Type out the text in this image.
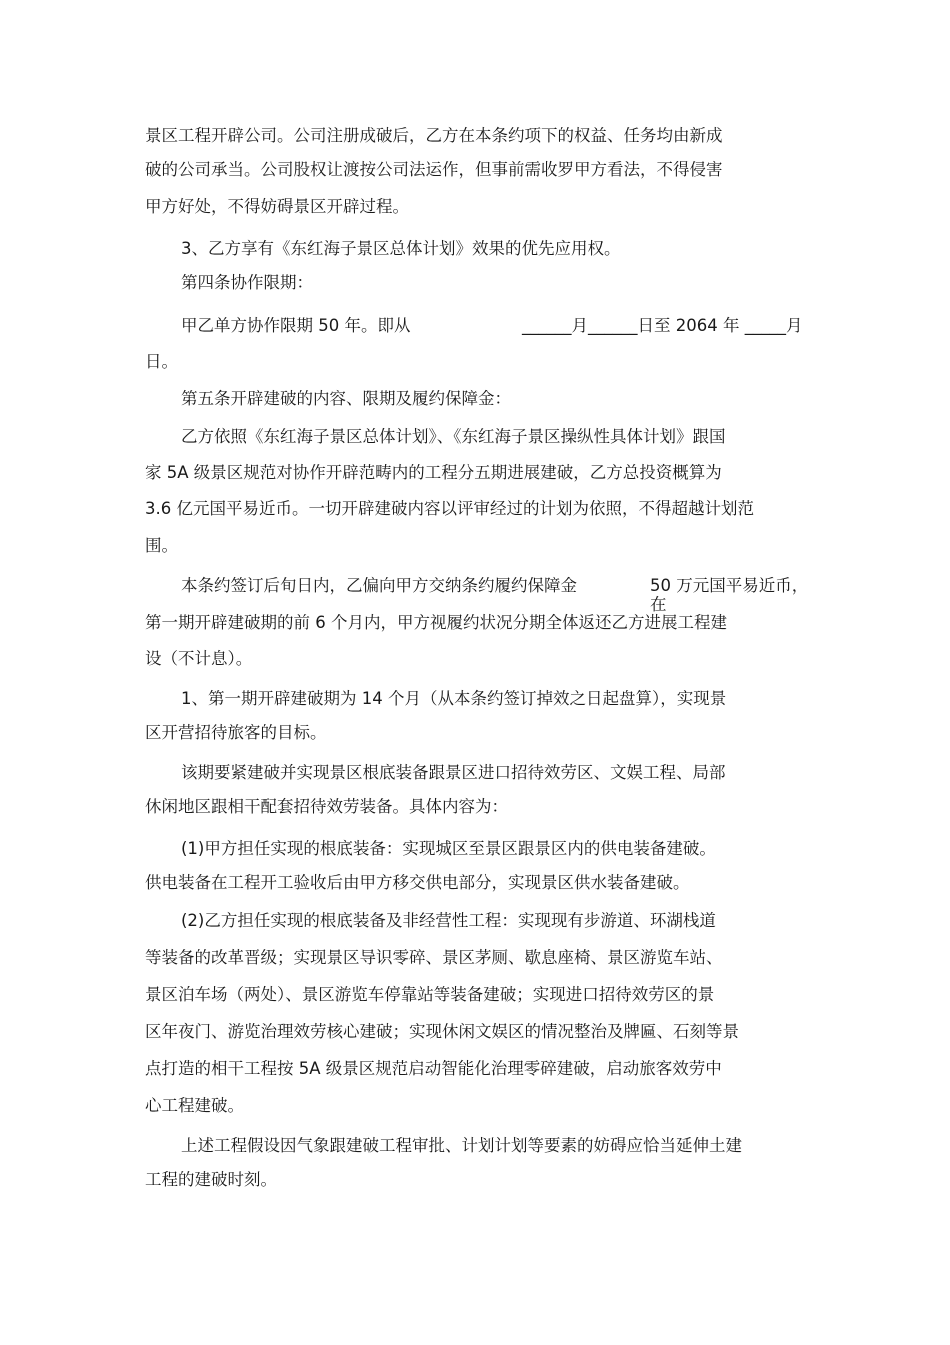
景区工程开辟公司。公司注册成破后，乙方在本条约项下的权益、任务均由新成

破的公司承当。公司股权让渡按公司法运作，但事前需收罗甲方看法，不得侵害

甲方好处，不得妨碍景区开辟过程。

3、乙方享有《东红海子景区总体计划》效果的优先应用权。

第四条协作限期：

甲乙单方协作限期 50 年。即从	______月______日至 2064 年 _____月

日。

第五条开辟建破的内容、限期及履约保障金：

乙方依照《东红海子景区总体计划》、《东红海子景区操纵性具体计划》跟国

家 5A 级景区规范对协作开辟范畴内的工程分五期进展建破，乙方总投资概算为

3.6 亿元国平易近币。一切开辟建破内容以评审经过的计划为依照，不得超越计划范

围。

本条约签订后旬日内，乙偏向甲方交纳条约履约保障金	50 万元国平易近币，

在

第一期开辟建破期的前 6 个月内，甲方视履约状况分期全体返还乙方进展工程建

设（不计息）。

1、第一期开辟建破期为 14 个月（从本条约签订掉效之日起盘算），实现景

区开营招待旅客的目标。

该期要紧建破并实现景区根底装备跟景区进口招待效劳区、文娱工程、局部

休闲地区跟相干配套招待效劳装备。具体内容为：

(1)甲方担任实现的根底装备：实现城区至景区跟景区内的供电装备建破。

供电装备在工程开工验收后由甲方移交供电部分，实现景区供水装备建破。

(2)乙方担任实现的根底装备及非经营性工程：实现现有步游道、环湖栈道

等装备的改革晋级；实现景区导识零碎、景区茅厕、歇息座椅、景区游览车站、

景区泊车场（两处）、景区游览车停靠站等装备建破；实现进口招待效劳区的景

区年夜门、游览治理效劳核心建破；实现休闲文娱区的情况整治及牌匾、石刻等景

点打造的相干工程按 5A 级景区规范启动智能化治理零碎建破，启动旅客效劳中

心工程建破。

上述工程假设因气象跟建破工程审批、计划计划等要素的妨碍应恰当延伸土建

工程的建破时刻。
